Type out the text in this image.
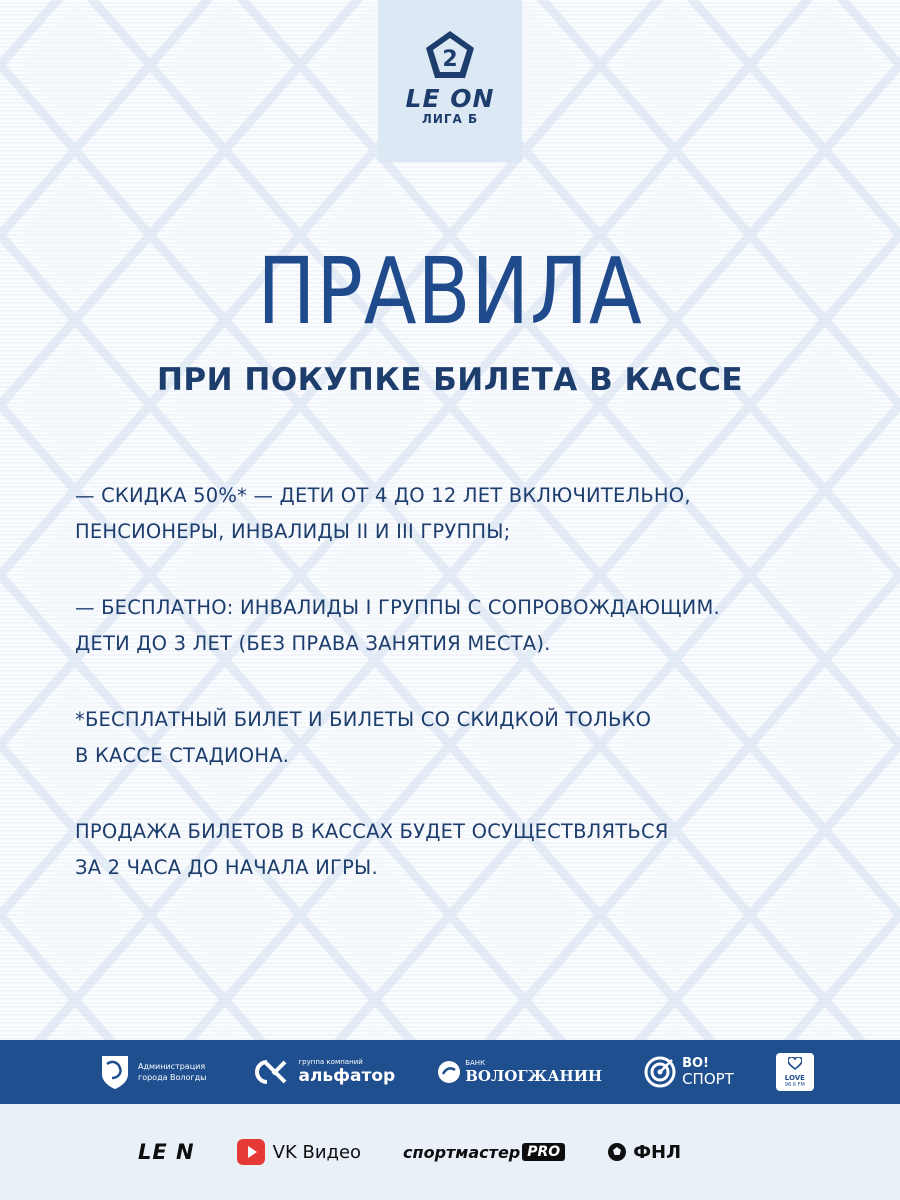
2
LE ON
ЛИГА Б
ПРАВИЛА
ПРИ ПОКУПКЕ БИЛЕТА В КАССЕ
— СКИДКА 50%* — ДЕТИ ОТ 4 ДО 12 ЛЕТ ВКЛЮЧИТЕЛЬНО,
ПЕНСИОНЕРЫ, ИНВАЛИДЫ II И III ГРУППЫ;
— БЕСПЛАТНО: ИНВАЛИДЫ I ГРУППЫ С СОПРОВОЖДАЮЩИМ.
ДЕТИ ДО 3 ЛЕТ (БЕЗ ПРАВА ЗАНЯТИЯ МЕСТА).
*БЕСПЛАТНЫЙ БИЛЕТ И БИЛЕТЫ СО СКИДКОЙ ТОЛЬКО
В КАССЕ СТАДИОНА.
ПРОДАЖА БИЛЕТОВ В КАССАХ БУДЕТ ОСУЩЕСТВЛЯТЬСЯ
ЗА 2 ЧАСА ДО НАЧАЛА ИГРЫ.
Администрация
города Вологды
группа компаний
альфатор
БАНК
ВОЛОГЖАНИН
ВО!
СПОРТ	LOVE
96.6 FM
LE N	VK Видео	спортмастер PRO	ФНЛ
